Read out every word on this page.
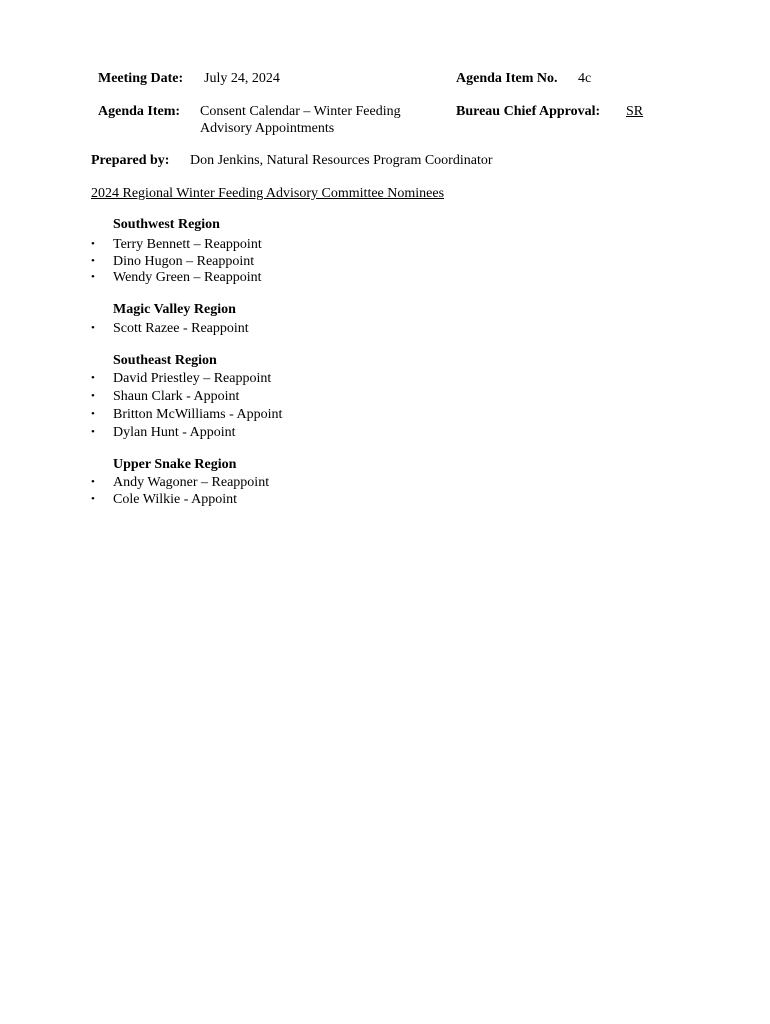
Meeting Date: July 24, 2024	Agenda Item No. 4c
Agenda Item: Consent Calendar – Winter Feeding
Advisory Appointments
Bureau Chief Approval: SR
Prepared by: Don Jenkins, Natural Resources Program Coordinator
2024 Regional Winter Feeding Advisory Committee Nominees
Southwest Region
• Terry Bennett – Reappoint
• Dino Hugon – Reappoint
• Wendy Green – Reappoint
Magic Valley Region
• Scott Razee - Reappoint
Southeast Region
• David Priestley – Reappoint
• Shaun Clark - Appoint
• Britton McWilliams - Appoint
• Dylan Hunt - Appoint
Upper Snake Region
• Andy Wagoner – Reappoint
• Cole Wilkie - Appoint
